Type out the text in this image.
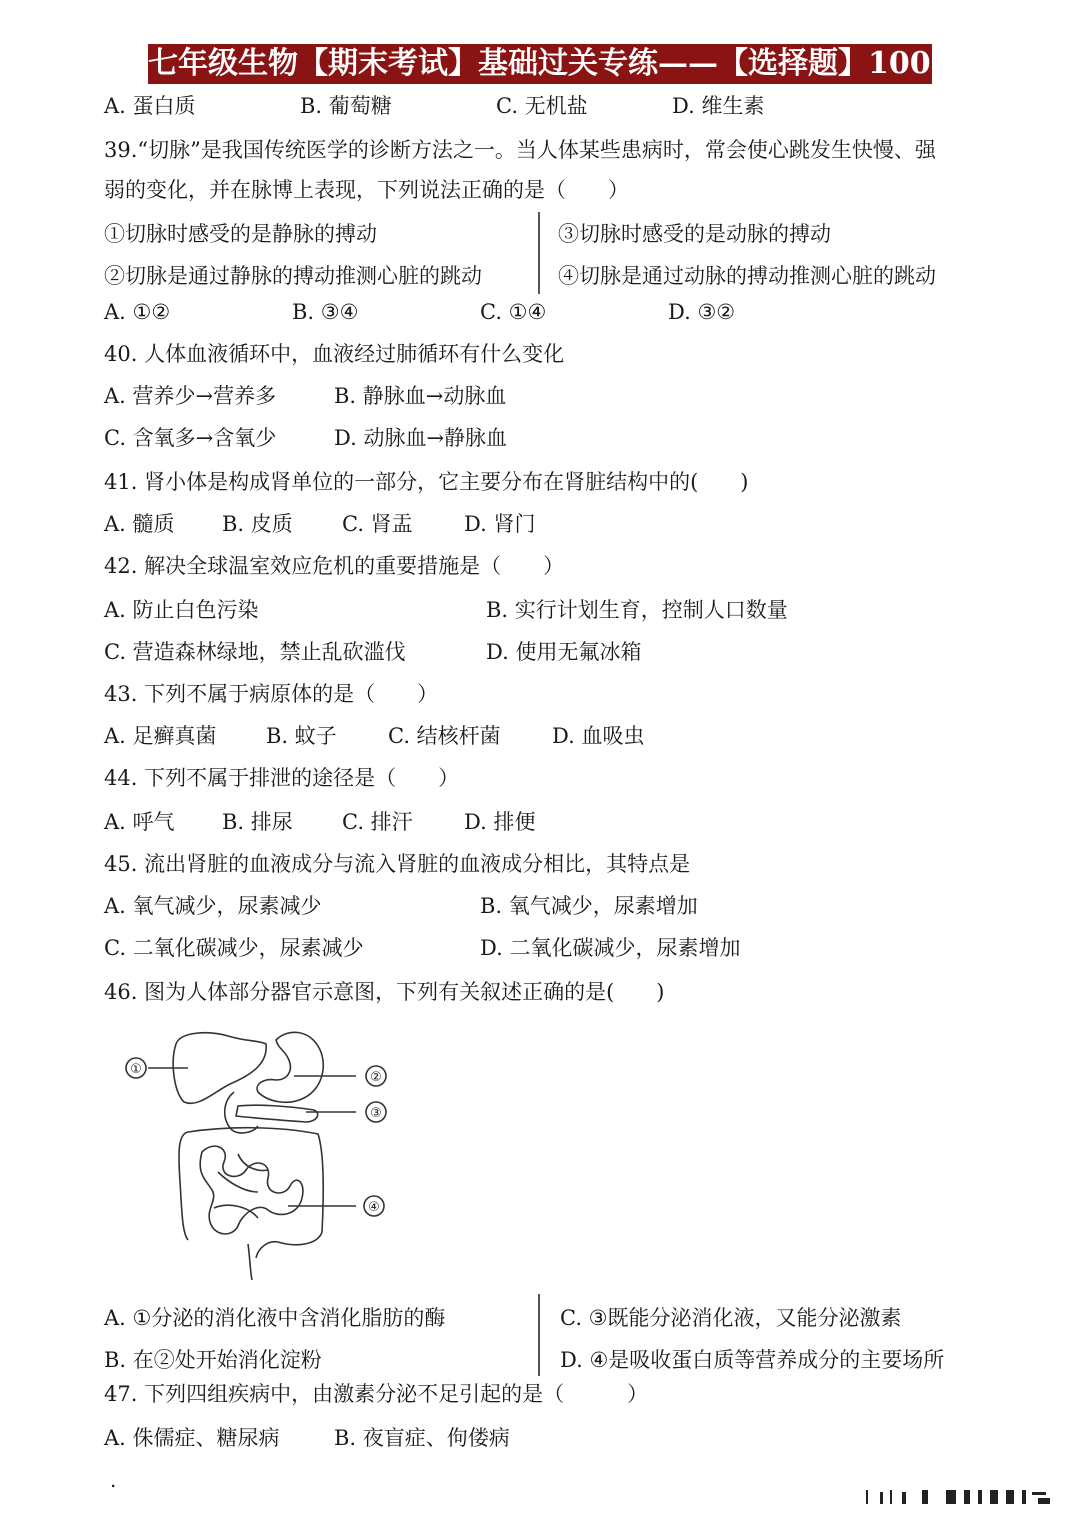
七年级生物【期末考试】基础过关专练——【选择题】100 题
A. 蛋白质	B. 葡萄糖	C. 无机盐	D. 维生素
39.“切脉”是我国传统医学的诊断方法之一。当人体某些患病时，常会使心跳发生快慢、强
弱的变化，并在脉博上表现，下列说法正确的是（　　）
①切脉时感受的是静脉的搏动	③切脉时感受的是动脉的搏动
②切脉是通过静脉的搏动推测心脏的跳动	④切脉是通过动脉的搏动推测心脏的跳动
A. ①②	B. ③④	C. ①④	D. ③②
40. 人体血液循环中，血液经过肺循环有什么变化
A. 营养少→营养多	B. 静脉血→动脉血
C. 含氧多→含氧少	D. 动脉血→静脉血
41. 肾小体是构成肾单位的一部分，它主要分布在肾脏结构中的(　　)
A. 髓质 B. 皮质 C. 肾盂 D. 肾门
42. 解决全球温室效应危机的重要措施是（　　）
A. 防止白色污染	B. 实行计划生育，控制人口数量
C. 营造森林绿地，禁止乱砍滥伐	D. 使用无氟冰箱
43. 下列不属于病原体的是（　　）
A. 足癣真菌 B. 蚊子 C. 结核杆菌 D. 血吸虫
44. 下列不属于排泄的途径是（　　）
A. 呼气 B. 排尿 C. 排汗 D. 排便
45. 流出肾脏的血液成分与流入肾脏的血液成分相比，其特点是
A. 氧气减少，尿素减少	B. 氧气减少，尿素增加
C. 二氧化碳减少，尿素减少	D. 二氧化碳减少，尿素增加
46. 图为人体部分器官示意图，下列有关叙述正确的是(　　)
①
②
③
④
A. ①分泌的消化液中含消化脂肪的酶	C. ③既能分泌消化液，又能分泌激素
B. 在②处开始消化淀粉	D. ④是吸收蛋白质等营养成分的主要场所
47. 下列四组疾病中，由激素分泌不足引起的是（　　　）
A. 侏儒症、糖尿病	B. 夜盲症、佝偻病
.
